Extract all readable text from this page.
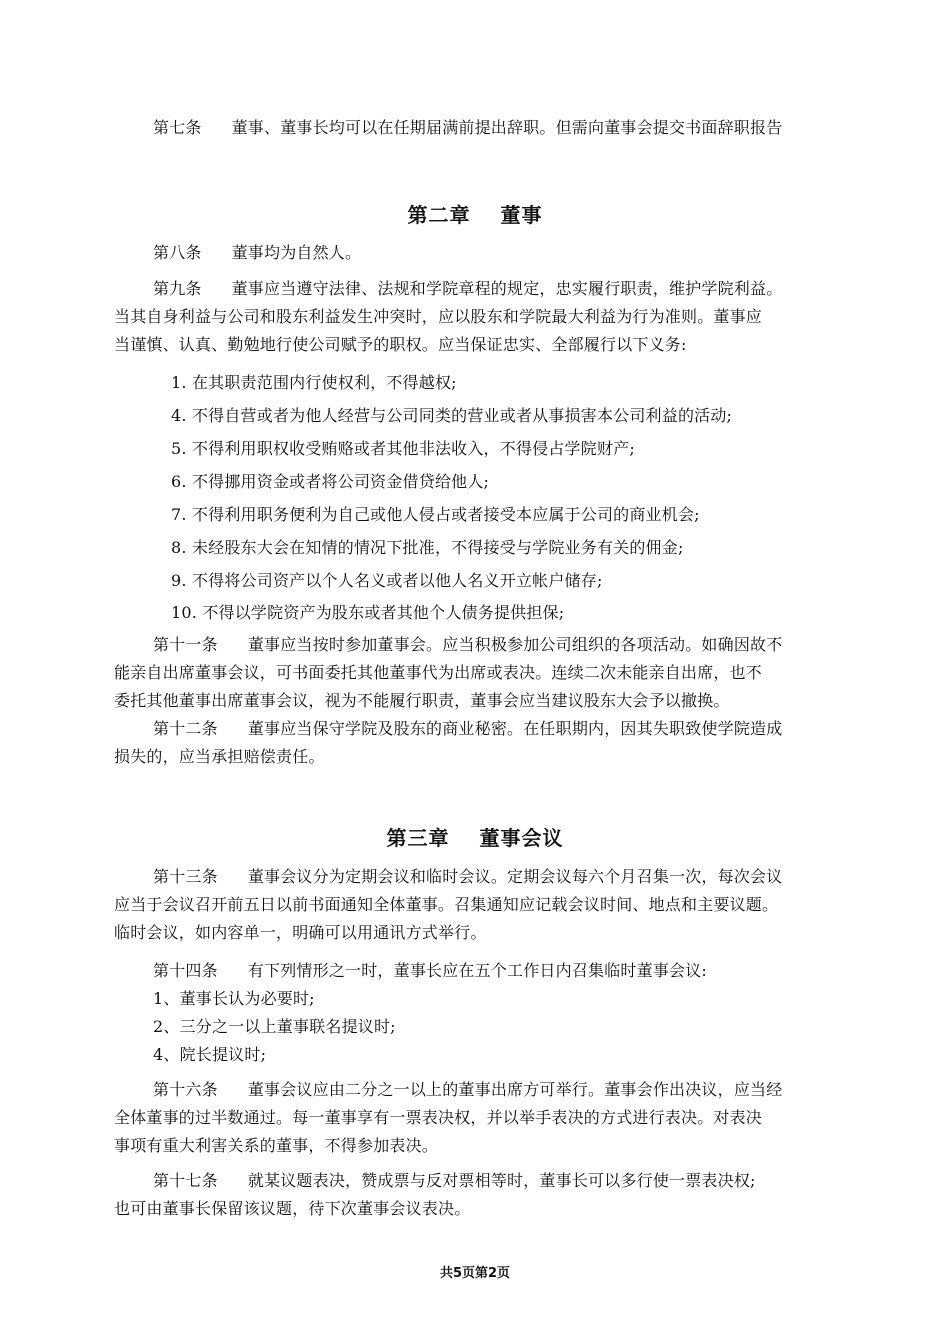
第七条 董事、董事长均可以在任期届满前提出辞职。但需向董事会提交书面辞职报告
第二章 董事
第八条 董事均为自然人。
第九条 董事应当遵守法律、法规和学院章程的规定，忠实履行职责，维护学院利益。
当其自身利益与公司和股东利益发生冲突时，应以股东和学院最大利益为行为准则。董事应
当谨慎、认真、勤勉地行使公司赋予的职权。应当保证忠实、全部履行以下义务:
1. 在其职责范围内行使权利，不得越权;
4. 不得自营或者为他人经营与公司同类的营业或者从事损害本公司利益的活动;
5. 不得利用职权收受贿赂或者其他非法收入，不得侵占学院财产;
6. 不得挪用资金或者将公司资金借贷给他人;
7. 不得利用职务便利为自己或他人侵占或者接受本应属于公司的商业机会;
8. 未经股东大会在知情的情况下批准，不得接受与学院业务有关的佣金;
9. 不得将公司资产以个人名义或者以他人名义开立帐户储存;
10. 不得以学院资产为股东或者其他个人债务提供担保;
第十一条 董事应当按时参加董事会。应当积极参加公司组织的各项活动。如确因故不
能亲自出席董事会议，可书面委托其他董事代为出席或表决。连续二次未能亲自出席，也不
委托其他董事出席董事会议，视为不能履行职责，董事会应当建议股东大会予以撤换。
第十二条 董事应当保守学院及股东的商业秘密。在任职期内，因其失职致使学院造成
损失的，应当承担赔偿责任。
第三章 董事会议
第十三条 董事会议分为定期会议和临时会议。定期会议每六个月召集一次，每次会议
应当于会议召开前五日以前书面通知全体董事。召集通知应记载会议时间、地点和主要议题。
临时会议，如内容单一，明确可以用通讯方式举行。
第十四条 有下列情形之一时，董事长应在五个工作日内召集临时董事会议:
1、董事长认为必要时;
2、三分之一以上董事联名提议时;
4、院长提议时;
第十六条 董事会议应由二分之一以上的董事出席方可举行。董事会作出决议，应当经
全体董事的过半数通过。每一董事享有一票表决权，并以举手表决的方式进行表决。对表决
事项有重大利害关系的董事，不得参加表决。
第十七条 就某议题表决，赞成票与反对票相等时，董事长可以多行使一票表决权;
也可由董事长保留该议题，待下次董事会议表决。
共5页第2页
